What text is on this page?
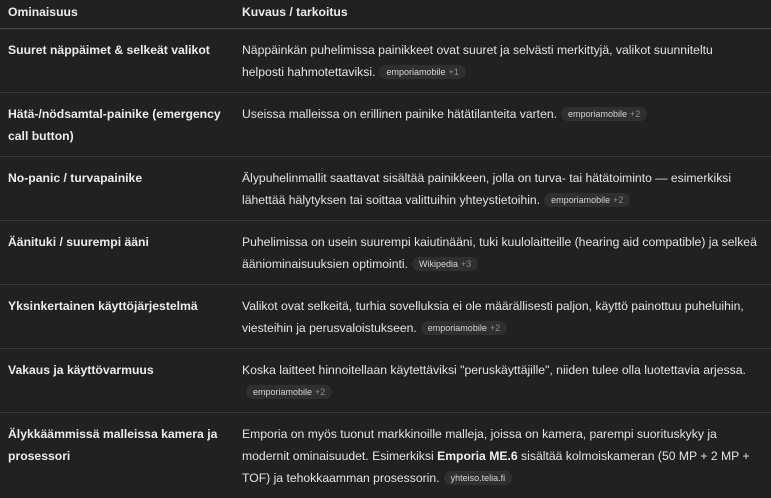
Ominaisuus	Kuvaus / tarkoitus
Suuret näppäimet & selkeät valikot	Näppäinkän puhelimissa painikkeet ovat suuret ja selvästi merkittyjä, valikot suunniteltu helposti hahmotettaviksi. emporiamobile +1
Hätä-/nödsamtal-painike (emergency call button)	Useissa malleissa on erillinen painike hätätilanteita varten. emporiamobile +2
No-panic / turvapainike	Älypuhelinmallit saattavat sisältää painikkeen, jolla on turva- tai hätätoiminto — esimerkiksi lähettää hälytyksen tai soittaa valittuihin yhteystietoihin. emporiamobile +2
Äänituki / suurempi ääni	Puhelimissa on usein suurempi kaiutinääni, tuki kuulolaitteille (hearing aid compatible) ja selkeä ääniominaisuuksien optimointi. Wikipedia +3
Yksinkertainen käyttöjärjestelmä	Valikot ovat selkeitä, turhia sovelluksia ei ole määrällisesti paljon, käyttö painottuu puheluihin, viesteihin ja perusvaloistukseen. emporiamobile +2
Vakaus ja käyttövarmuus	Koska laitteet hinnoitellaan käytettäviksi "peruskäyttäjille", niiden tulee olla luotettavia arjessa.emporiamobile +2
Älykkäämmissä malleissa kamera ja prosessori	Emporia on myös tuonut markkinoille malleja, joissa on kamera, parempi suorituskyky ja modernit ominaisuudet. Esimerkiksi Emporia ME.6 sisältää kolmoiskameran (50 MP + 2 MP + TOF) ja tehokkaamman prosessorin. yhteiso.telia.fi
